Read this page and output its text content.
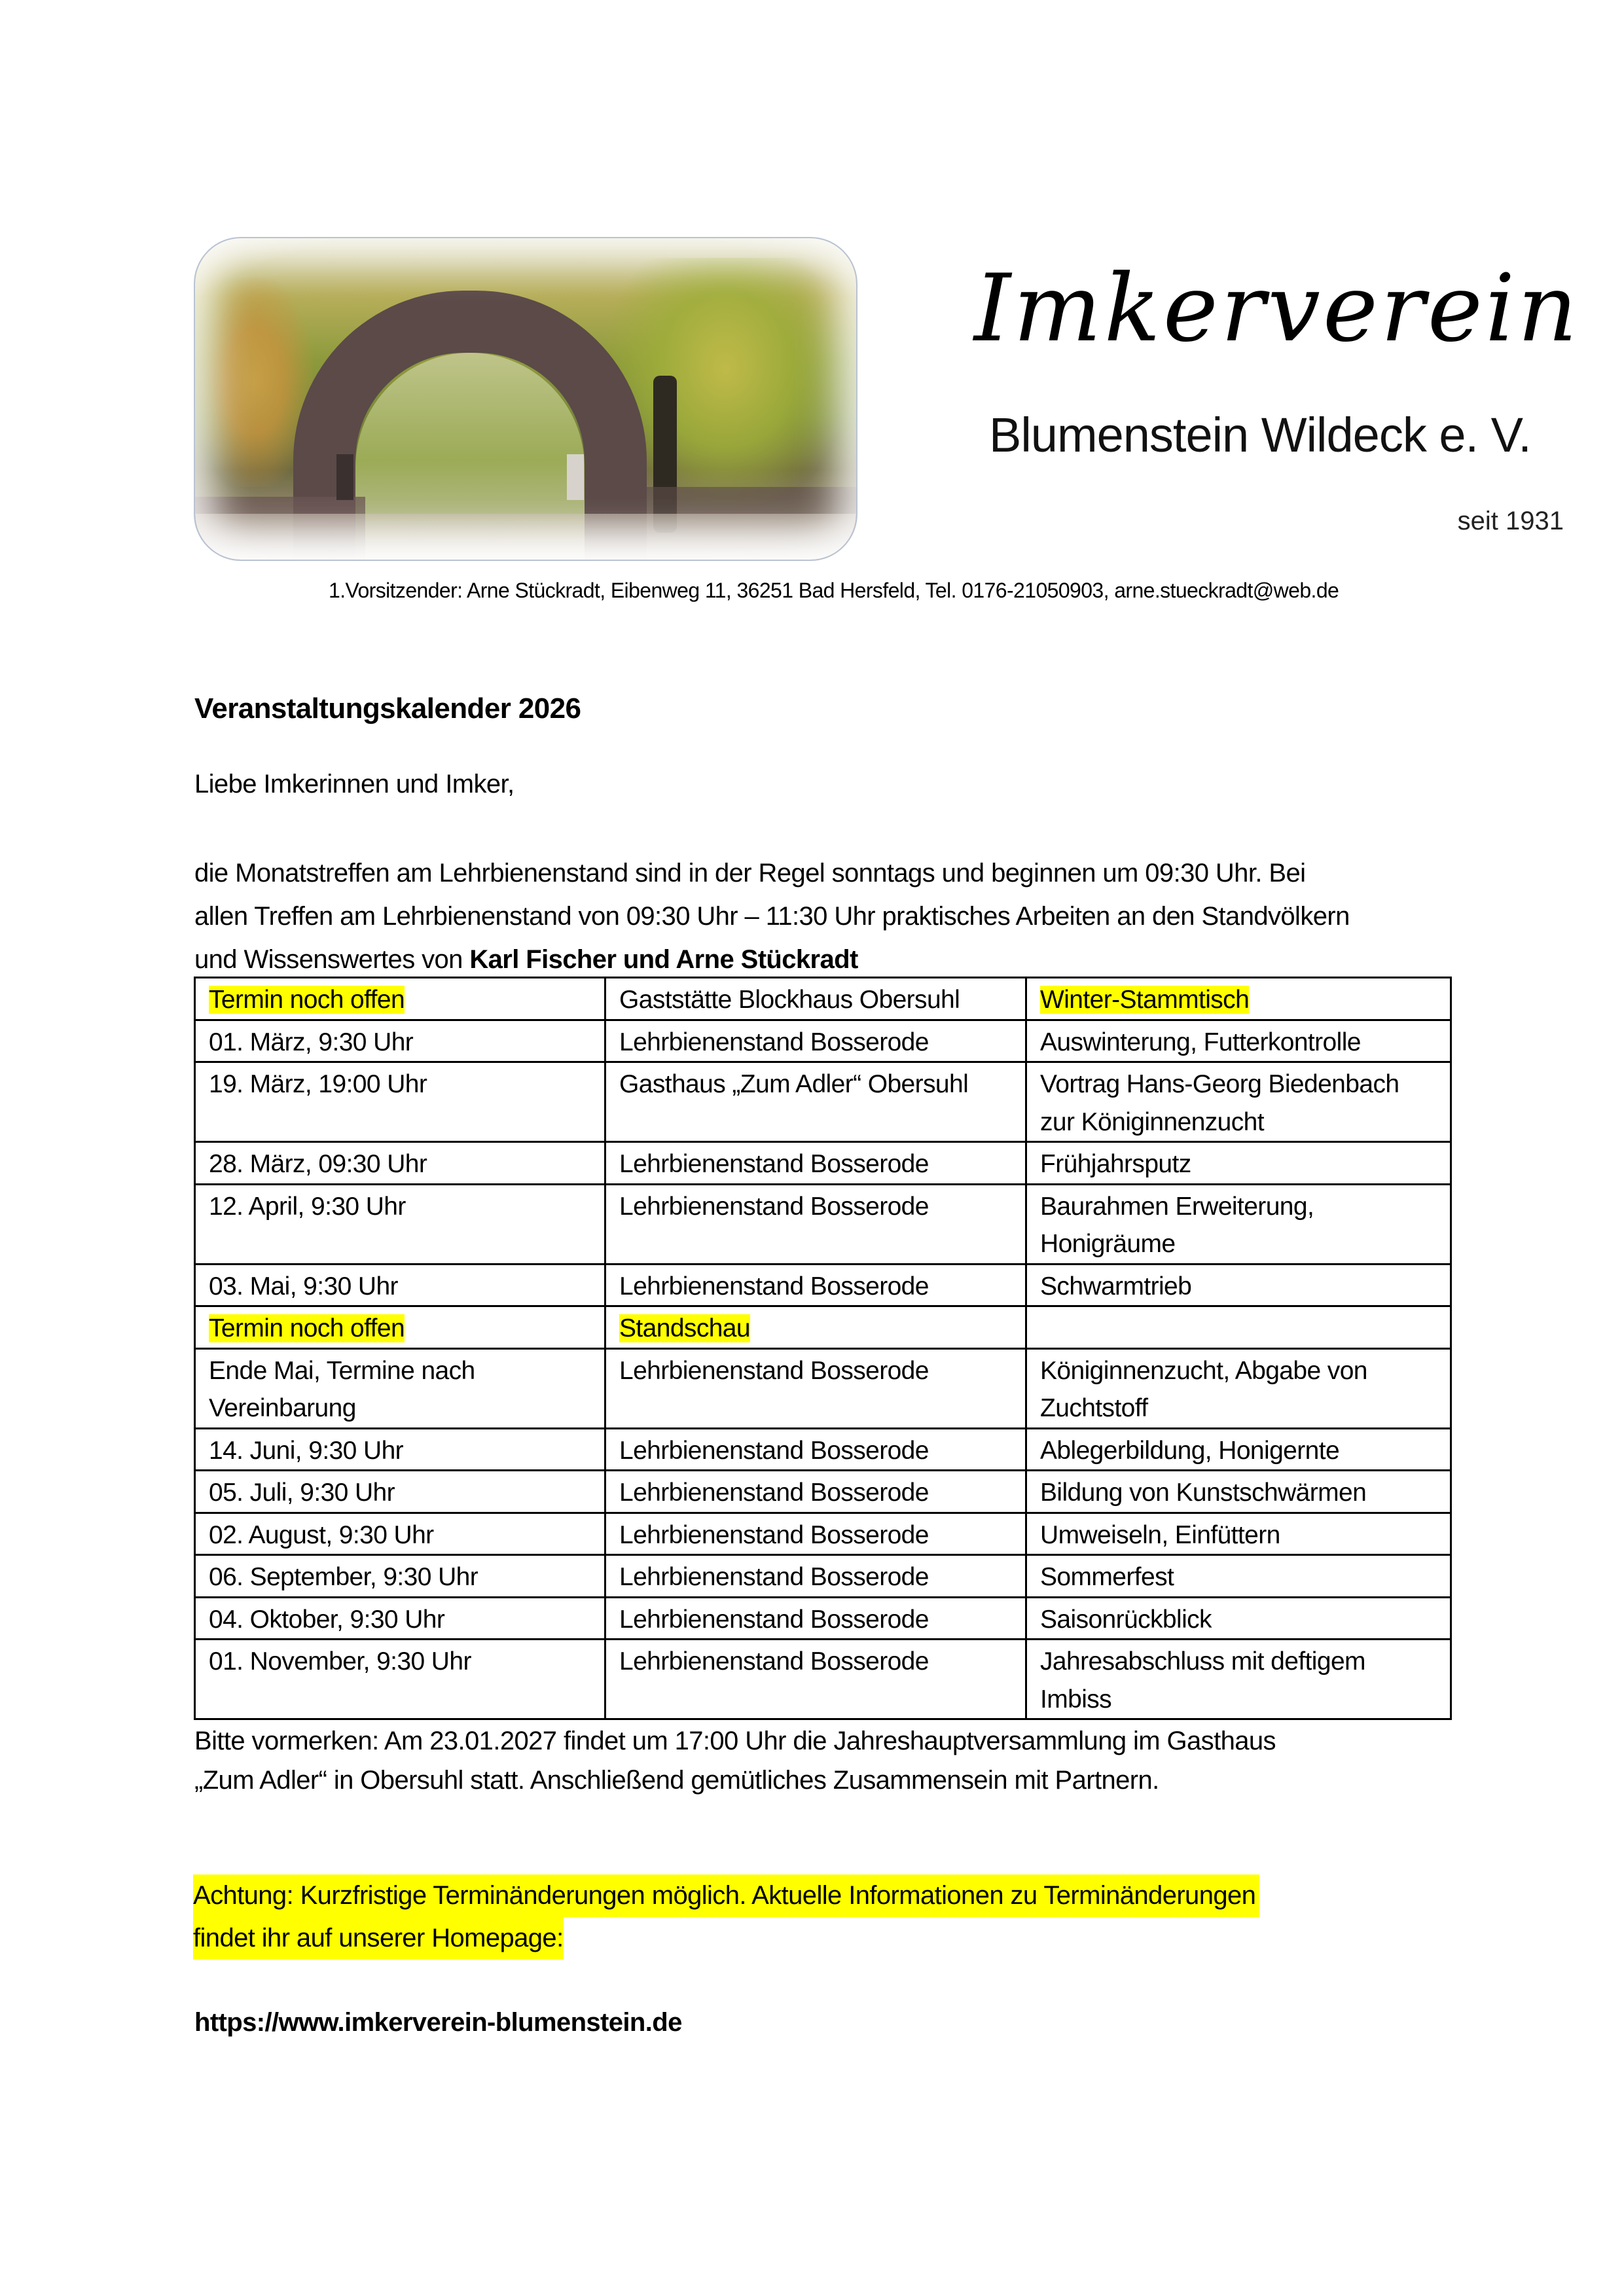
Imkerverein
Blumenstein Wildeck e. V.
seit 1931
1.Vorsitzender: Arne Stückradt, Eibenweg 11, 36251 Bad Hersfeld, Tel. 0176-21050903, arne.stueckradt@web.de
Veranstaltungskalender 2026
Liebe Imkerinnen und Imker,
die Monatstreffen am Lehrbienenstand sind in der Regel sonntags und beginnen um 09:30 Uhr. Bei
allen Treffen am Lehrbienenstand von 09:30 Uhr – 11:30 Uhr praktisches Arbeiten an den Standvölkern
und Wissenswertes von Karl Fischer und Arne Stückradt
Termin noch offen	Gaststätte Blockhaus Obersuhl	Winter-Stammtisch

01. März, 9:30 Uhr	Lehrbienenstand Bosserode	Auswinterung, Futterkontrolle

19. März, 19:00 Uhr	Gasthaus „Zum Adler“ Obersuhl	Vortrag Hans-Georg Biedenbach
zur Königinnenzucht

28. März, 09:30 Uhr	Lehrbienenstand Bosserode	Frühjahrsputz

12. April, 9:30 Uhr	Lehrbienenstand Bosserode	Baurahmen Erweiterung,
Honigräume

03. Mai, 9:30 Uhr	Lehrbienenstand Bosserode	Schwarmtrieb

Termin noch offen	Standschau	

Ende Mai, Termine nach
Vereinbarung	Lehrbienenstand Bosserode	Königinnenzucht, Abgabe von
Zuchtstoff

14. Juni, 9:30 Uhr	Lehrbienenstand Bosserode	Ablegerbildung, Honigernte

05. Juli, 9:30 Uhr	Lehrbienenstand Bosserode	Bildung von Kunstschwärmen

02. August, 9:30 Uhr	Lehrbienenstand Bosserode	Umweiseln, Einfüttern

06. September, 9:30 Uhr	Lehrbienenstand Bosserode	Sommerfest

04. Oktober, 9:30 Uhr	Lehrbienenstand Bosserode	Saisonrückblick

01. November, 9:30 Uhr	Lehrbienenstand Bosserode	Jahresabschluss mit deftigem
Imbiss
Bitte vormerken: Am 23.01.2027 findet um 17:00 Uhr die Jahreshauptversammlung im Gasthaus
„Zum Adler“ in Obersuhl statt. Anschließend gemütliches Zusammensein mit Partnern.
Achtung: Kurzfristige Terminänderungen möglich. Aktuelle Informationen zu Terminänderungen
findet ihr auf unserer Homepage:
https://www.imkerverein-blumenstein.de
